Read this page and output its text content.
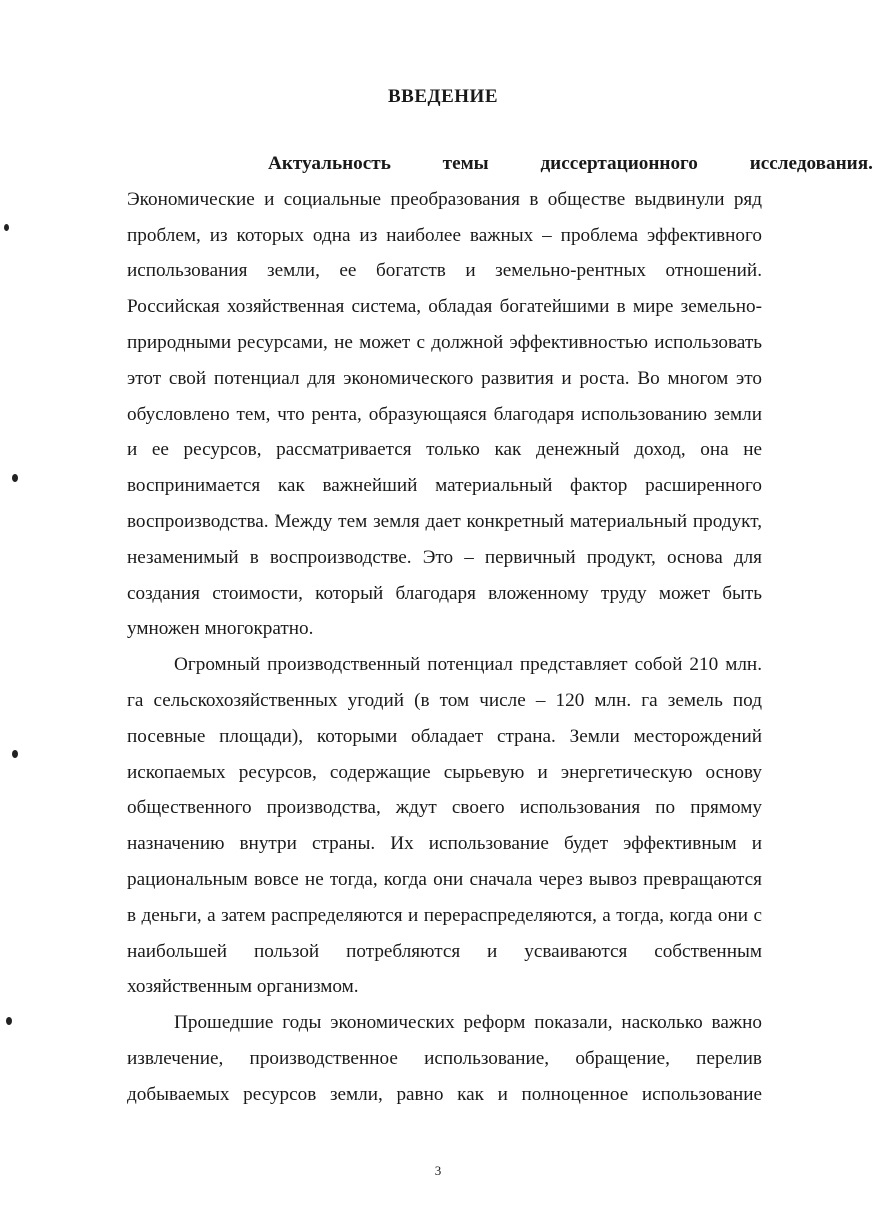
ВВЕДЕНИЕ

Актуальность	темы	диссертационного	исследования.Экономические и социальные преобразования в обществе выдвинули ряд проблем, из которых одна из наиболее важных – проблема эффективного использования земли, ее богатств и земельно-рентных отношений. Российская хозяйственная система, обладая богатейшими в мире земельно-природными ресурсами, не может с должной эффективностью использовать этот свой потенциал для экономического развития и роста. Во многом это обусловлено тем, что рента, образующаяся благодаря использованию земли и ее ресурсов, рассматривается только как денежный доход, она не воспринимается как важнейший материальный фактор расширенного воспроизводства. Между тем земля дает конкретный материальный продукт, незаменимый в воспроизводстве. Это – первичный продукт, основа для создания стоимости, который благодаря вложенному труду может быть умножен многократно.

Огромный производственный потенциал представляет собой 210 млн. га сельскохозяйственных угодий (в том числе – 120 млн. га земель под посевные площади), которыми обладает страна. Земли месторождений ископаемых ресурсов, содержащие сырьевую и энергетическую основу общественного производства, ждут своего использования по прямому назначению внутри страны. Их использование будет эффективным и рациональным вовсе не тогда, когда они сначала через вывоз превращаются в деньги, а затем распределяются и перераспределяются, а тогда, когда они с наибольшей пользой потребляются и усваиваются собственным хозяйственным организмом.

Прошедшие годы экономических реформ показали, насколько важно извлечение, производственное использование, обращение, перелив добываемых ресурсов земли, равно как и полноценное использование

3
